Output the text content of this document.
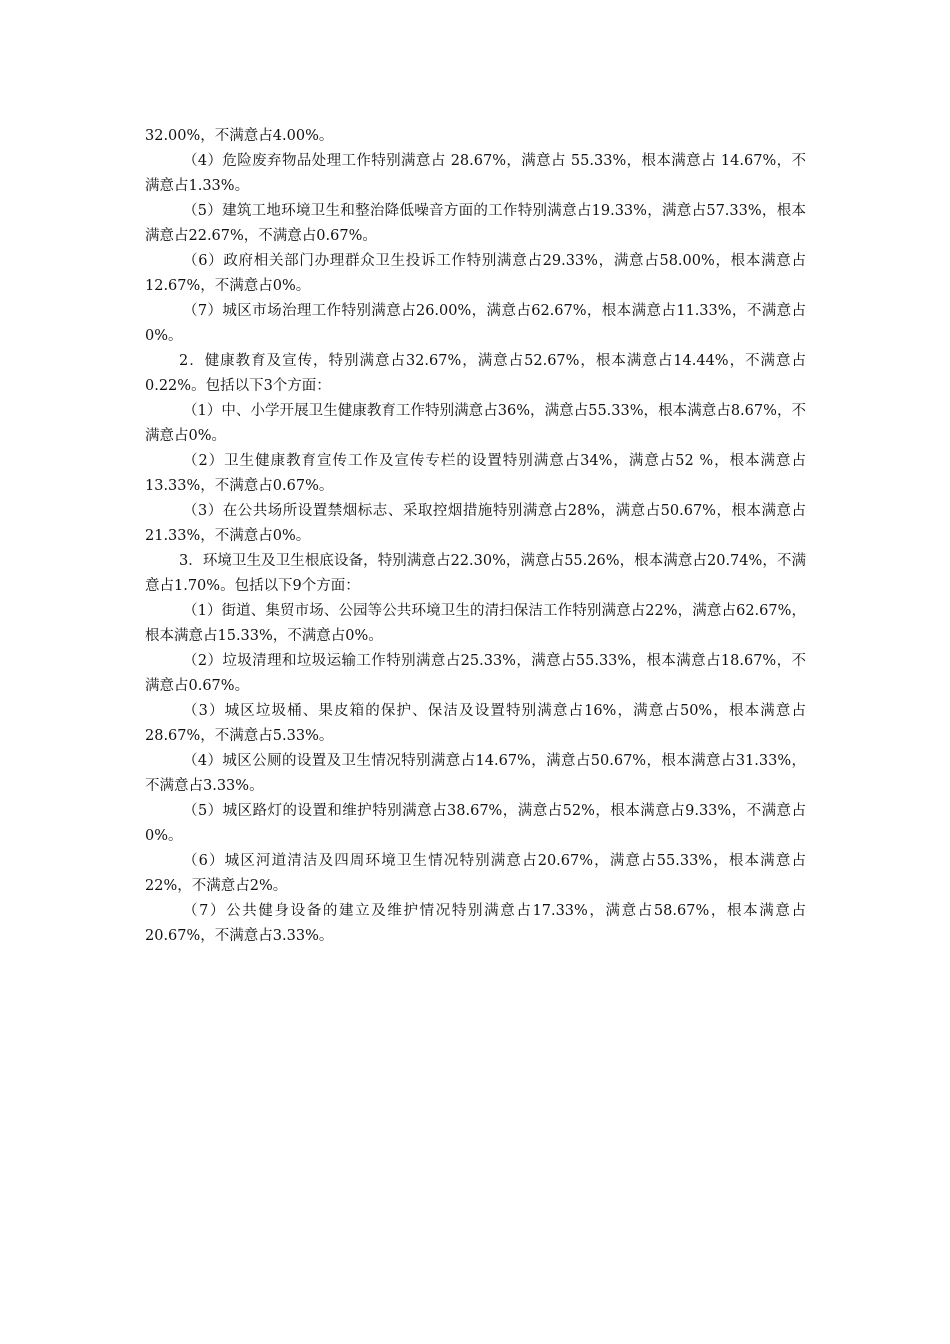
32.00%，不满意占4.00%。

（4）危险废弃物品处理工作特别满意占 28.67%，满意占 55.33%，根本满意占 14.67%，不满意占1.33%。

（5）建筑工地环境卫生和整治降低噪音方面的工作特别满意占19.33%，满意占57.33%，根本满意占22.67%，不满意占0.67%。

（6）政府相关部门办理群众卫生投诉工作特别满意占29.33%，满意占58.00%，根本满意占12.67%，不满意占0%。

（7）城区市场治理工作特别满意占26.00%，满意占62.67%，根本满意占11.33%，不满意占0%。

2．健康教育及宣传，特别满意占32.67%，满意占52.67%，根本满意占14.44%，不满意占0.22%。包括以下3个方面：

（1）中、小学开展卫生健康教育工作特别满意占36%，满意占55.33%，根本满意占8.67%，不满意占0%。

（2）卫生健康教育宣传工作及宣传专栏的设置特别满意占34%，满意占52 %，根本满意占13.33%，不满意占0.67%。

（3）在公共场所设置禁烟标志、采取控烟措施特别满意占28%，满意占50.67%，根本满意占21.33%，不满意占0%。

3．环境卫生及卫生根底设备，特别满意占22.30%，满意占55.26%，根本满意占20.74%，不满意占1.70%。包括以下9个方面：

（1）街道、集贸市场、公园等公共环境卫生的清扫保洁工作特别满意占22%，满意占62.67%，根本满意占15.33%，不满意占0%。

（2）垃圾清理和垃圾运输工作特别满意占25.33%，满意占55.33%，根本满意占18.67%，不满意占0.67%。

（3）城区垃圾桶、果皮箱的保护、保洁及设置特别满意占16%，满意占50%，根本满意占28.67%，不满意占5.33%。

（4）城区公厕的设置及卫生情况特别满意占14.67%，满意占50.67%，根本满意占31.33%，不满意占3.33%。

（5）城区路灯的设置和维护特别满意占38.67%，满意占52%，根本满意占9.33%，不满意占0%。

（6）城区河道清洁及四周环境卫生情况特别满意占20.67%，满意占55.33%，根本满意占22%，不满意占2%。

（7）公共健身设备的建立及维护情况特别满意占17.33%，满意占58.67%，根本满意占20.67%，不满意占3.33%。
